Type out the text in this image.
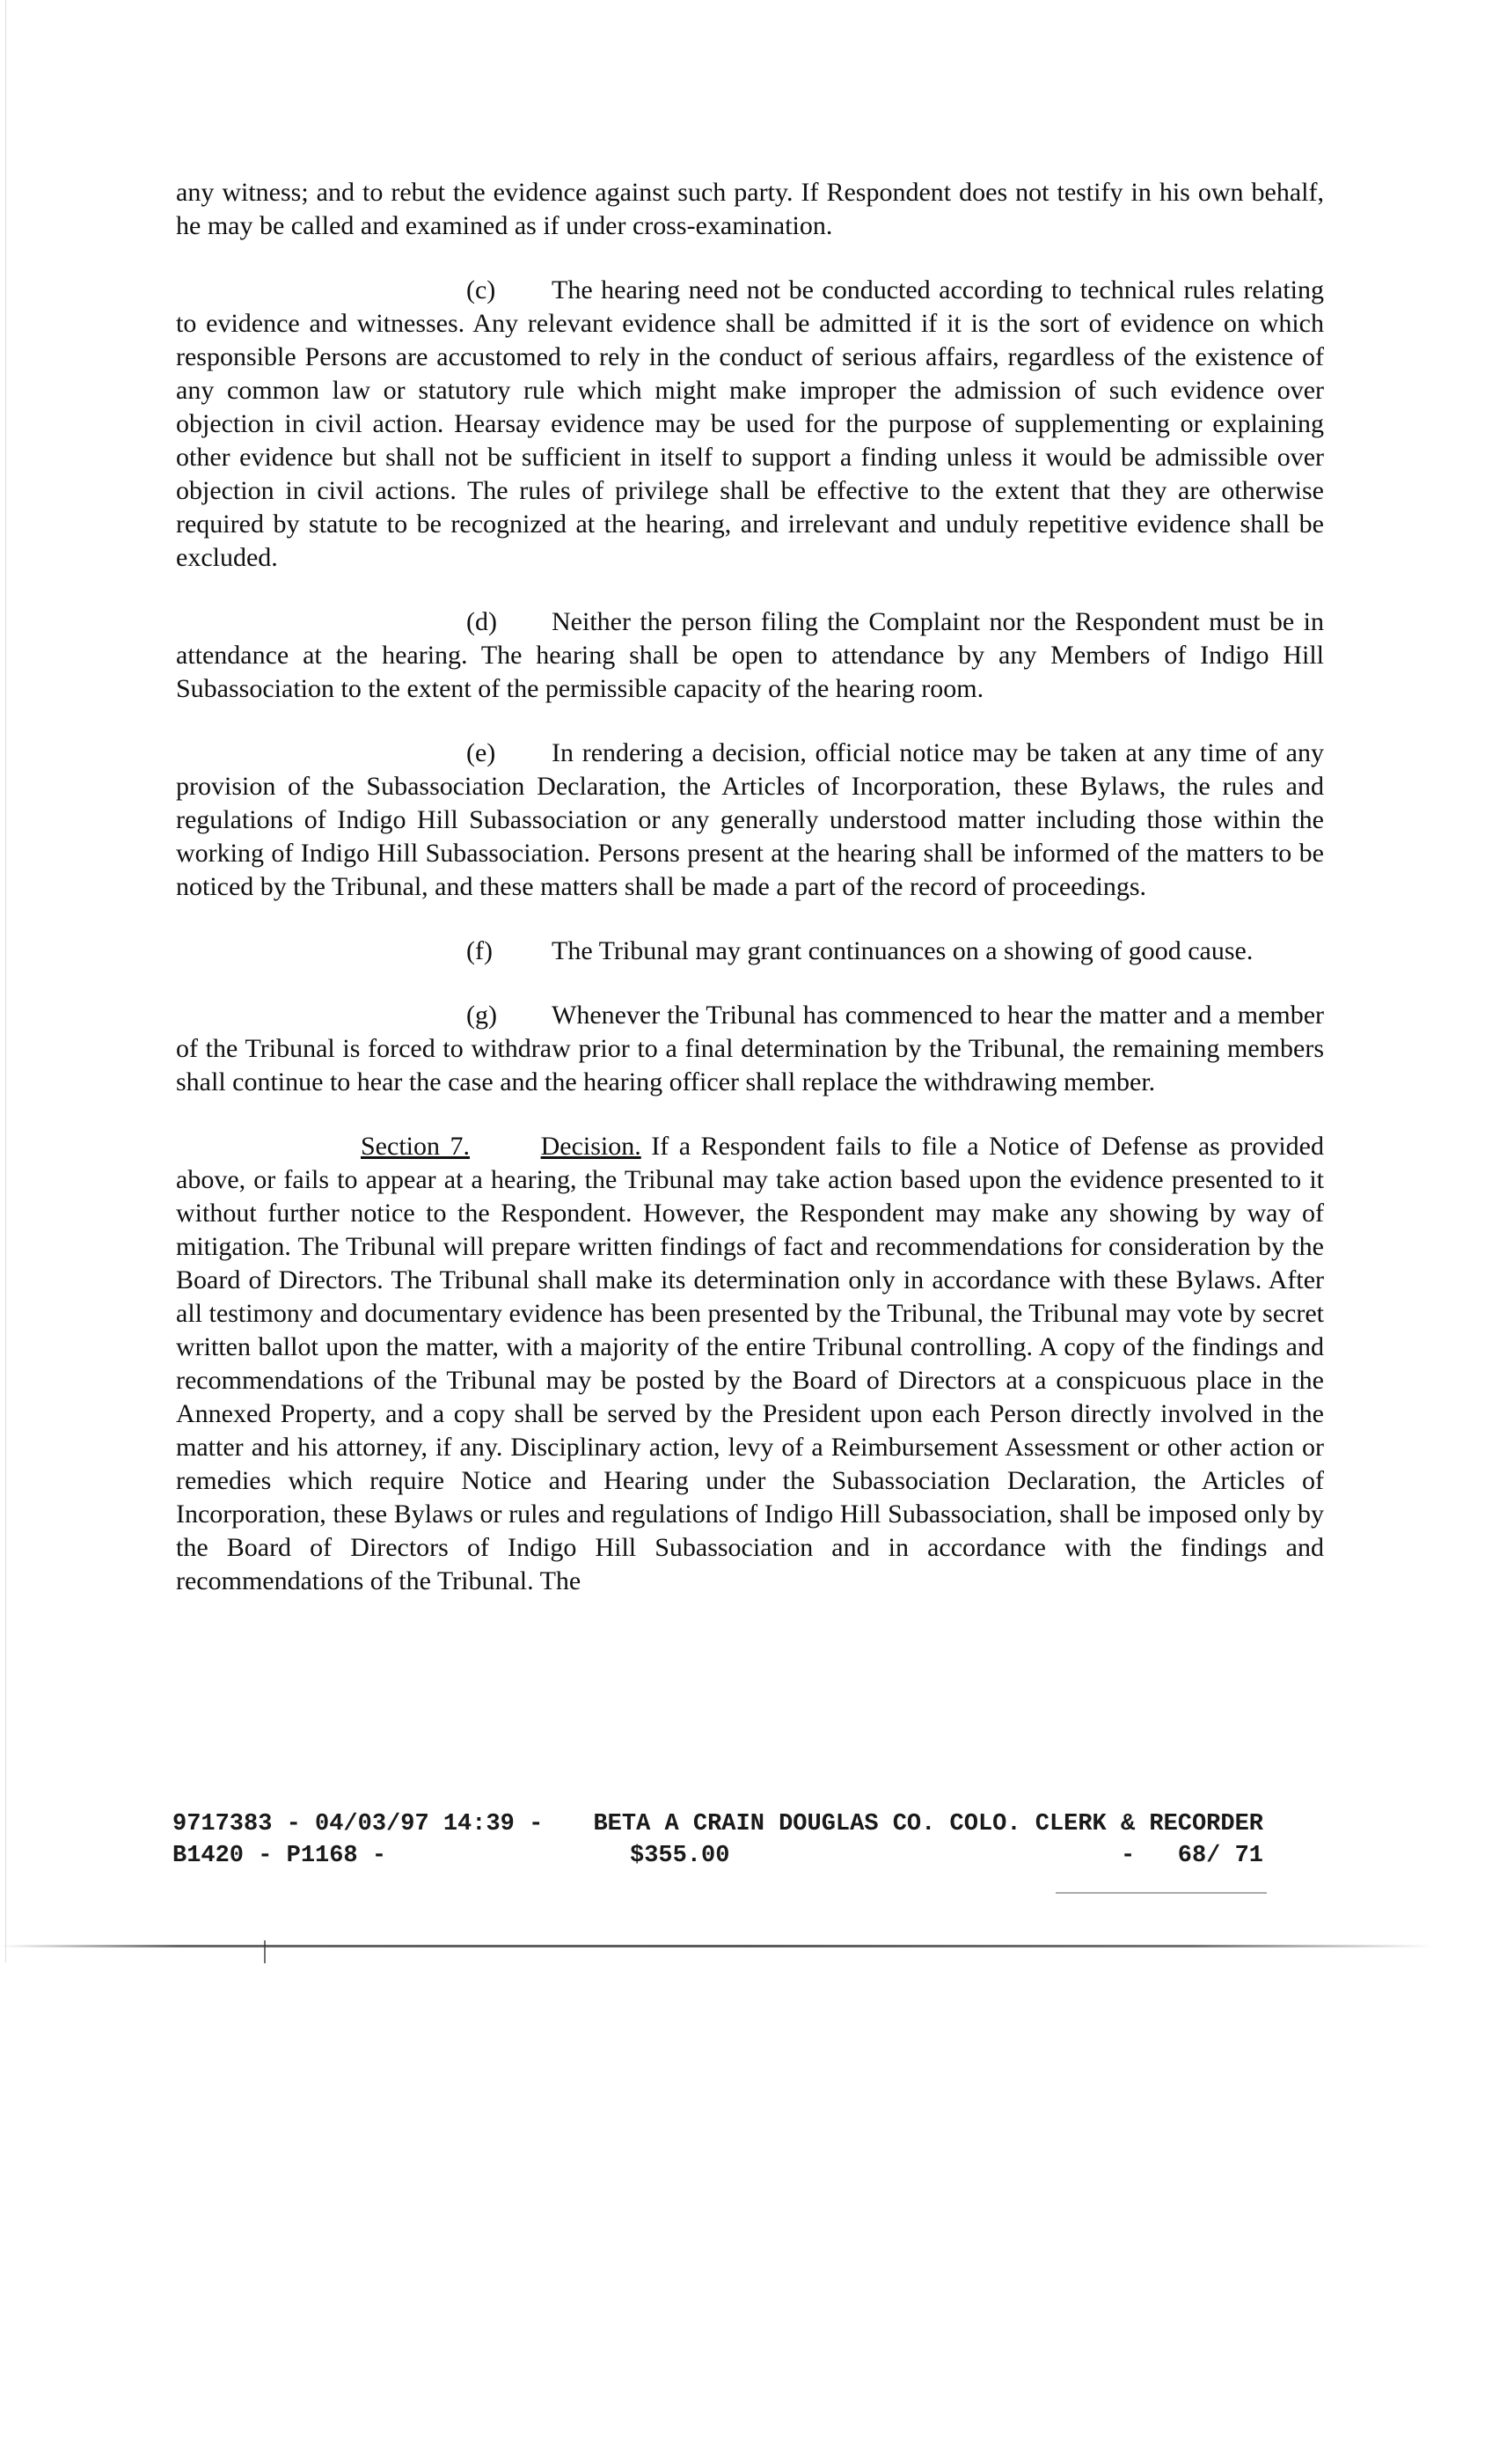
any witness; and to rebut the evidence against such party. If Respondent does not testify in his own behalf, he may be called and examined as if under cross-examination.

(c) The hearing need not be conducted according to technical rules relating to evidence and witnesses. Any relevant evidence shall be admitted if it is the sort of evidence on which responsible Persons are accustomed to rely in the conduct of serious affairs, regardless of the existence of any common law or statutory rule which might make improper the admission of such evidence over objection in civil action. Hearsay evidence may be used for the purpose of supplementing or explaining other evidence but shall not be sufficient in itself to support a finding unless it would be admissible over objection in civil actions. The rules of privilege shall be effective to the extent that they are otherwise required by statute to be recognized at the hearing, and irrelevant and unduly repetitive evidence shall be excluded.

(d) Neither the person filing the Complaint nor the Respondent must be in attendance at the hearing. The hearing shall be open to attendance by any Members of Indigo Hill Subassociation to the extent of the permissible capacity of the hearing room.

(e) In rendering a decision, official notice may be taken at any time of any provision of the Subassociation Declaration, the Articles of Incorporation, these Bylaws, the rules and regulations of Indigo Hill Subassociation or any generally understood matter including those within the working of Indigo Hill Subassociation. Persons present at the hearing shall be informed of the matters to be noticed by the Tribunal, and these matters shall be made a part of the record of proceedings.

(f) The Tribunal may grant continuances on a showing of good cause.

(g) Whenever the Tribunal has commenced to hear the matter and a member of the Tribunal is forced to withdraw prior to a final determination by the Tribunal, the remaining members shall continue to hear the case and the hearing officer shall replace the withdrawing member.

Section 7.	Decision. If a Respondent fails to file a Notice of Defense as provided above, or fails to appear at a hearing, the Tribunal may take action based upon the evidence presented to it without further notice to the Respondent. However, the Respondent may make any showing by way of mitigation. The Tribunal will prepare written findings of fact and recommendations for consideration by the Board of Directors. The Tribunal shall make its determination only in accordance with these Bylaws. After all testimony and documentary evidence has been presented by the Tribunal, the Tribunal may vote by secret written ballot upon the matter, with a majority of the entire Tribunal controlling. A copy of the findings and recommendations of the Tribunal may be posted by the Board of Directors at a conspicuous place in the Annexed Property, and a copy shall be served by the President upon each Person directly involved in the matter and his attorney, if any. Disciplinary action, levy of a Reimbursement Assessment or other action or remedies which require Notice and Hearing under the Subassociation Declaration, the Articles of Incorporation, these Bylaws or rules and regulations of Indigo Hill Subassociation, shall be imposed only by the Board of Directors of Indigo Hill Subassociation and in accordance with the findings and recommendations of the Tribunal. The

9717383 - 04/03/97 14:39 -	BETA A CRAIN DOUGLAS CO. COLO. CLERK & RECORDER
B1420 - P1168 -	$355.00	-   68/ 71
